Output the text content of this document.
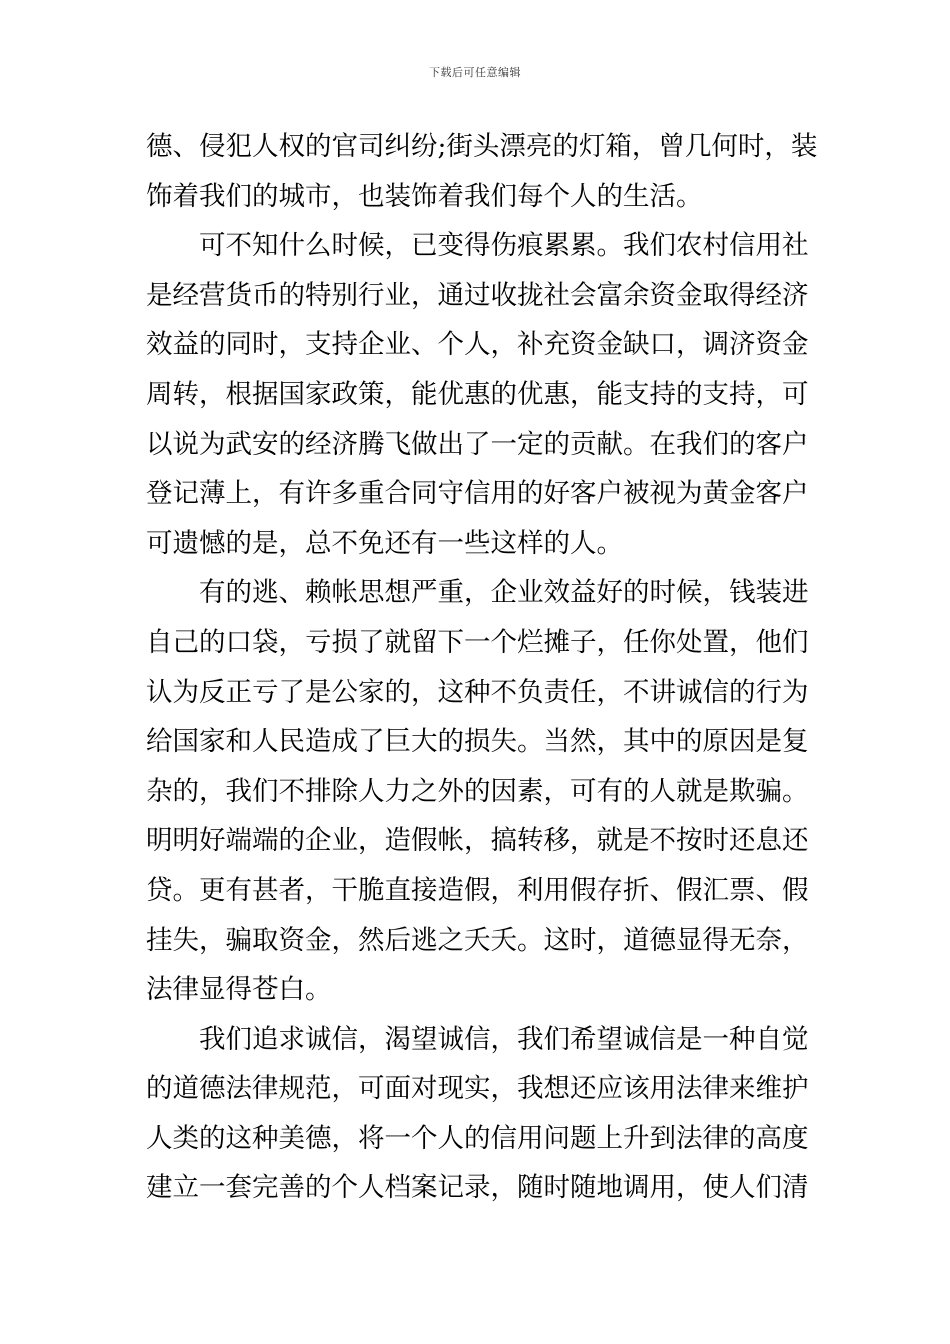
下载后可任意编辑

德、侵犯人权的官司纠纷;街头漂亮的灯箱，曾几何时，装
饰着我们的城市，也装饰着我们每个人的生活。

可不知什么时候，已变得伤痕累累。我们农村信用社
是经营货币的特别行业，通过收拢社会富余资金取得经济
效益的同时，支持企业、个人，补充资金缺口，调济资金
周转，根据国家政策，能优惠的优惠，能支持的支持，可
以说为武安的经济腾飞做出了一定的贡献。在我们的客户
登记薄上，有许多重合同守信用的好客户被视为黄金客户
可遗憾的是，总不免还有一些这样的人。

有的逃、赖帐思想严重，企业效益好的时候，钱装进
自己的口袋，亏损了就留下一个烂摊子，任你处置，他们
认为反正亏了是公家的，这种不负责任，不讲诚信的行为
给国家和人民造成了巨大的损失。当然，其中的原因是复
杂的，我们不排除人力之外的因素，可有的人就是欺骗。
明明好端端的企业，造假帐，搞转移，就是不按时还息还
贷。更有甚者，干脆直接造假，利用假存折、假汇票、假
挂失，骗取资金，然后逃之夭夭。这时，道德显得无奈，
法律显得苍白。

我们追求诚信，渴望诚信，我们希望诚信是一种自觉
的道德法律规范，可面对现实，我想还应该用法律来维护
人类的这种美德，将一个人的信用问题上升到法律的高度
建立一套完善的个人档案记录，随时随地调用，使人们清
